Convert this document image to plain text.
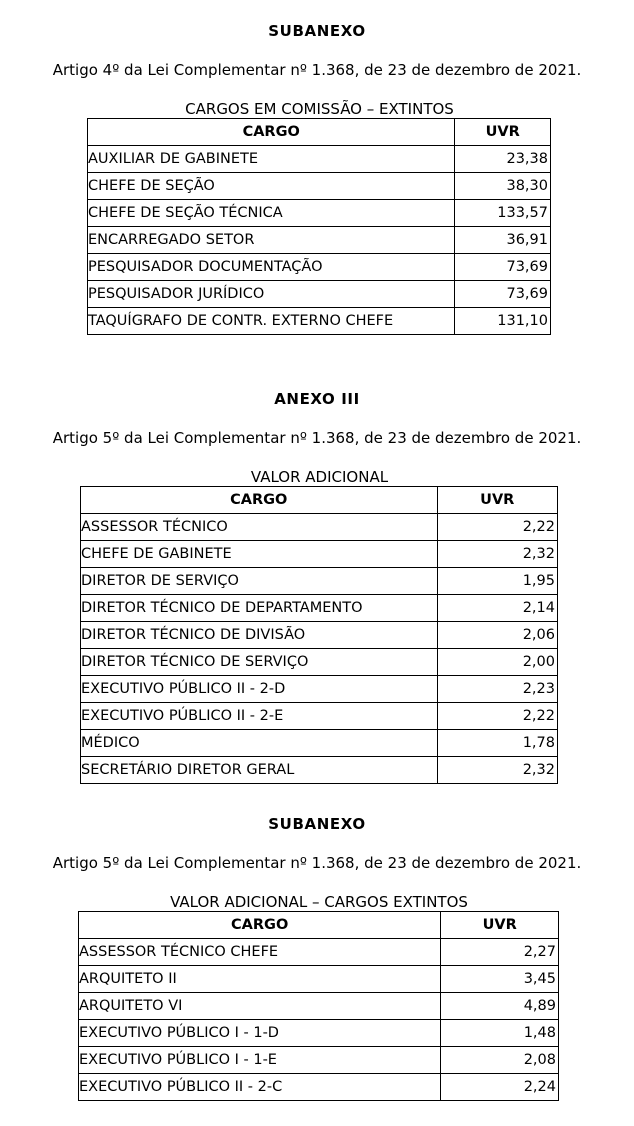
SUBANEXO
Artigo 4º da Lei Complementar nº 1.368, de 23 de dezembro de 2021.
CARGOS EM COMISSÃO – EXTINTOS
CARGO	UVR
AUXILIAR DE GABINETE	23,38
CHEFE DE SEÇÃO	38,30
CHEFE DE SEÇÃO TÉCNICA	133,57
ENCARREGADO SETOR	36,91
PESQUISADOR DOCUMENTAÇÃO	73,69
PESQUISADOR JURÍDICO	73,69
TAQUÍGRAFO DE CONTR. EXTERNO CHEFE	131,10
ANEXO III
Artigo 5º da Lei Complementar nº 1.368, de 23 de dezembro de 2021.
VALOR ADICIONAL
CARGO	UVR
ASSESSOR TÉCNICO	2,22
CHEFE DE GABINETE	2,32
DIRETOR DE SERVIÇO	1,95
DIRETOR TÉCNICO DE DEPARTAMENTO	2,14
DIRETOR TÉCNICO DE DIVISÃO	2,06
DIRETOR TÉCNICO DE SERVIÇO	2,00
EXECUTIVO PÚBLICO II - 2-D	2,23
EXECUTIVO PÚBLICO II - 2-E	2,22
MÉDICO	1,78
SECRETÁRIO DIRETOR GERAL	2,32
SUBANEXO
Artigo 5º da Lei Complementar nº 1.368, de 23 de dezembro de 2021.
VALOR ADICIONAL – CARGOS EXTINTOS
CARGO	UVR
ASSESSOR TÉCNICO CHEFE	2,27
ARQUITETO II	3,45
ARQUITETO VI	4,89
EXECUTIVO PÚBLICO I - 1-D	1,48
EXECUTIVO PÚBLICO I - 1-E	2,08
EXECUTIVO PÚBLICO II - 2-C	2,24
